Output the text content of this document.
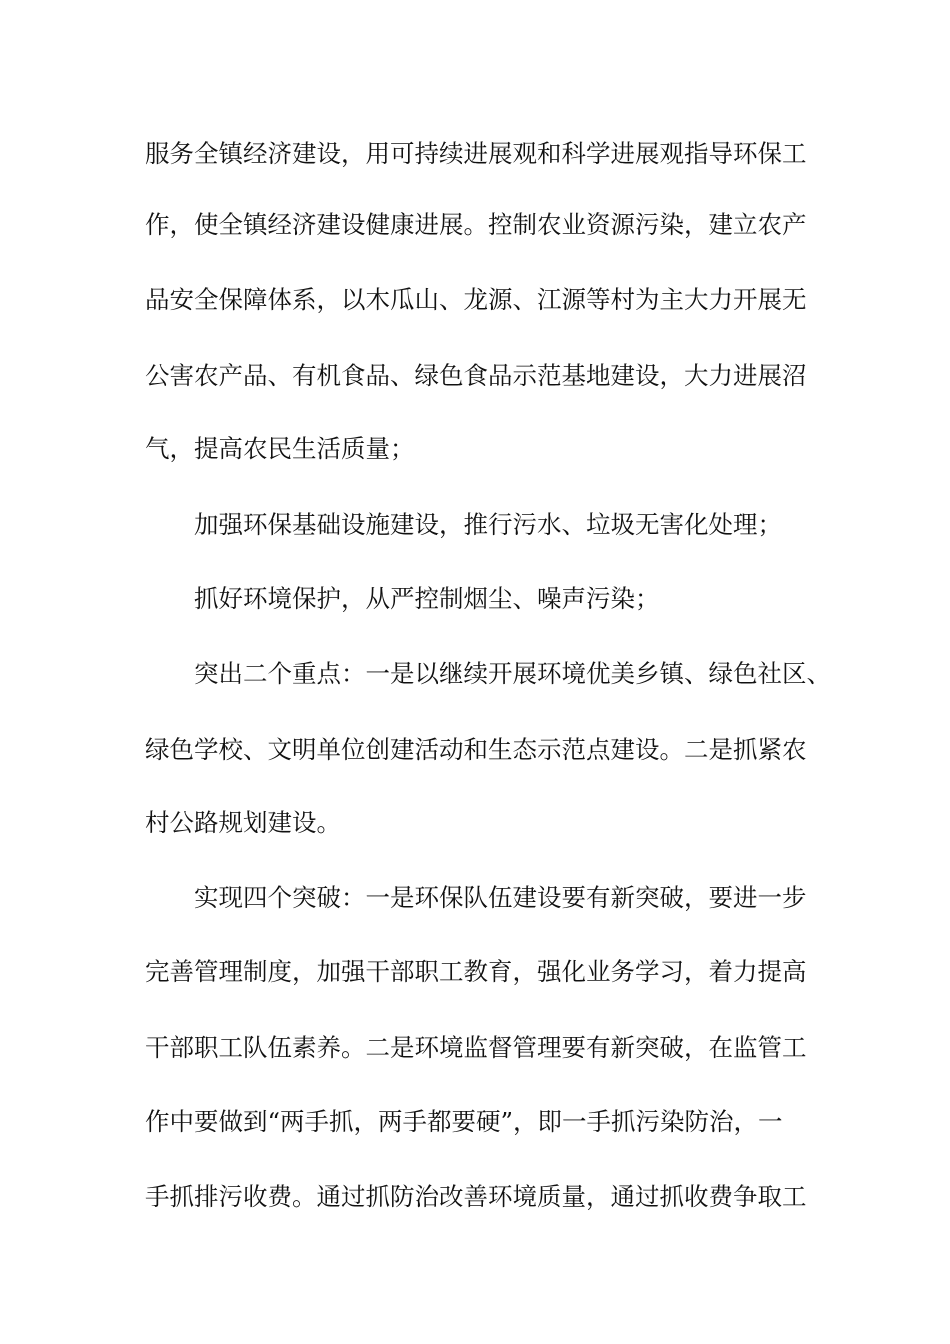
服务全镇经济建设，用可持续进展观和科学进展观指导环保工
作，使全镇经济建设健康进展。控制农业资源污染，建立农产
品安全保障体系，以木瓜山、龙源、江源等村为主大力开展无
公害农产品、有机食品、绿色食品示范基地建设，大力进展沼
气，提高农民生活质量；
加强环保基础设施建设，推行污水、垃圾无害化处理；
抓好环境保护，从严控制烟尘、噪声污染；
突出二个重点：一是以继续开展环境优美乡镇、绿色社区、
绿色学校、文明单位创建活动和生态示范点建设。二是抓紧农
村公路规划建设。
实现四个突破：一是环保队伍建设要有新突破，要进一步
完善管理制度，加强干部职工教育，强化业务学习，着力提高
干部职工队伍素养。二是环境监督管理要有新突破，在监管工
作中要做到“两手抓，两手都要硬”，即一手抓污染防治，一
手抓排污收费。通过抓防治改善环境质量，通过抓收费争取工
